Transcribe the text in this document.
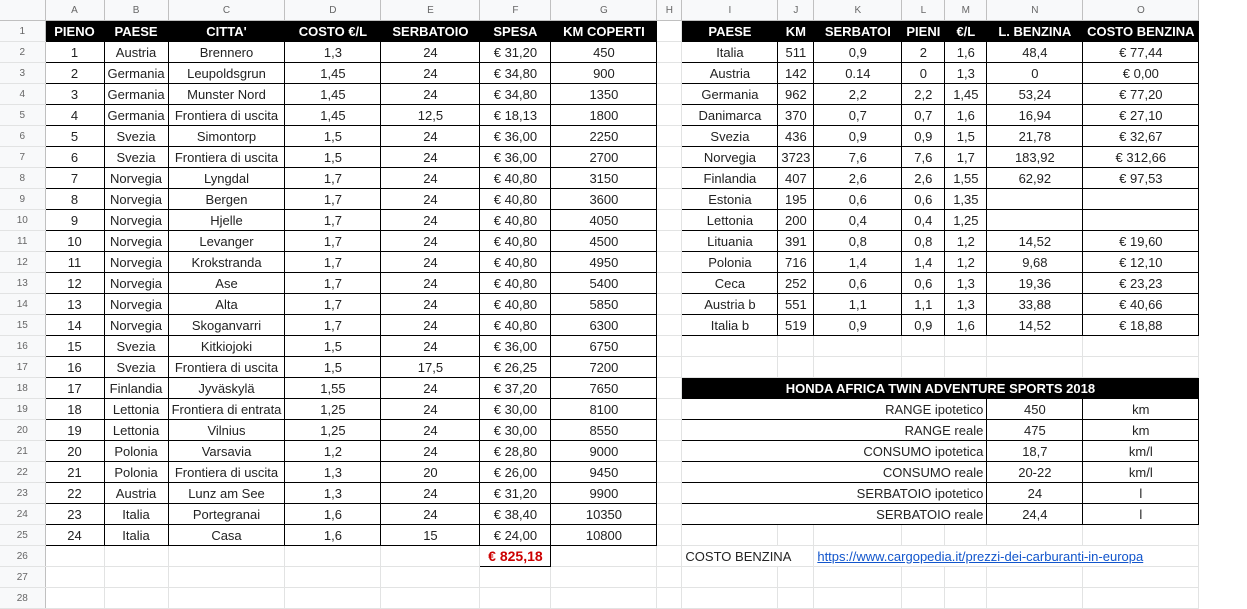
	A	B	C	D	E	F	G	H	I	J	K	L	M	N	O
1	PIENO	PAESE	CITTA'	COSTO €/L	SERBATOIO	SPESA	KM COPERTI		PAESE	KM	SERBATOI	PIENI	€/L	L. BENZINA	COSTO BENZINA
2	1	Austria	Brennero	1,3	24	€ 31,20	450		Italia	511	0,9	2	1,6	48,4	€ 77,44
3	2	Germania	Leupoldsgrun	1,45	24	€ 34,80	900		Austria	142	0.14	0	1,3	0	€ 0,00
4	3	Germania	Munster Nord	1,45	24	€ 34,80	1350		Germania	962	2,2	2,2	1,45	53,24	€ 77,20
5	4	Germania	Frontiera di uscita	1,45	12,5	€ 18,13	1800		Danimarca	370	0,7	0,7	1,6	16,94	€ 27,10
6	5	Svezia	Simontorp	1,5	24	€ 36,00	2250		Svezia	436	0,9	0,9	1,5	21,78	€ 32,67
7	6	Svezia	Frontiera di uscita	1,5	24	€ 36,00	2700		Norvegia	3723	7,6	7,6	1,7	183,92	€ 312,66
8	7	Norvegia	Lyngdal	1,7	24	€ 40,80	3150		Finlandia	407	2,6	2,6	1,55	62,92	€ 97,53
9	8	Norvegia	Bergen	1,7	24	€ 40,80	3600		Estonia	195	0,6	0,6	1,35		
10	9	Norvegia	Hjelle	1,7	24	€ 40,80	4050		Lettonia	200	0,4	0,4	1,25		
11	10	Norvegia	Levanger	1,7	24	€ 40,80	4500		Lituania	391	0,8	0,8	1,2	14,52	€ 19,60
12	11	Norvegia	Krokstranda	1,7	24	€ 40,80	4950		Polonia	716	1,4	1,4	1,2	9,68	€ 12,10
13	12	Norvegia	Ase	1,7	24	€ 40,80	5400		Ceca	252	0,6	0,6	1,3	19,36	€ 23,23
14	13	Norvegia	Alta	1,7	24	€ 40,80	5850		Austria b	551	1,1	1,1	1,3	33,88	€ 40,66
15	14	Norvegia	Skoganvarri	1,7	24	€ 40,80	6300		Italia b	519	0,9	0,9	1,6	14,52	€ 18,88
16	15	Svezia	Kitkiojoki	1,5	24	€ 36,00	6750								
17	16	Svezia	Frontiera di uscita	1,5	17,5	€ 26,25	7200								
18	17	Finlandia	Jyväskylä	1,55	24	€ 37,20	7650		HONDA AFRICA TWIN ADVENTURE SPORTS 2018						
19	18	Lettonia	Frontiera di entrata	1,25	24	€ 30,00	8100		RANGE ipotetico					450	km
20	19	Lettonia	Vilnius	1,25	24	€ 30,00	8550		RANGE reale					475	km
21	20	Polonia	Varsavia	1,2	24	€ 28,80	9000		CONSUMO ipotetica					18,7	km/l
22	21	Polonia	Frontiera di uscita	1,3	20	€ 26,00	9450		CONSUMO reale					20-22	km/l
23	22	Austria	Lunz am See	1,3	24	€ 31,20	9900		SERBATOIO ipotetico					24	l
24	23	Italia	Portegranai	1,6	24	€ 38,40	10350		SERBATOIO reale					24,4	l
25	24	Italia	Casa	1,6	15	€ 24,00	10800								
26						€ 825,18			COSTO BENZINA		https://www.cargopedia.it/prezzi-dei-carburanti-in-europa				
27															
28															
